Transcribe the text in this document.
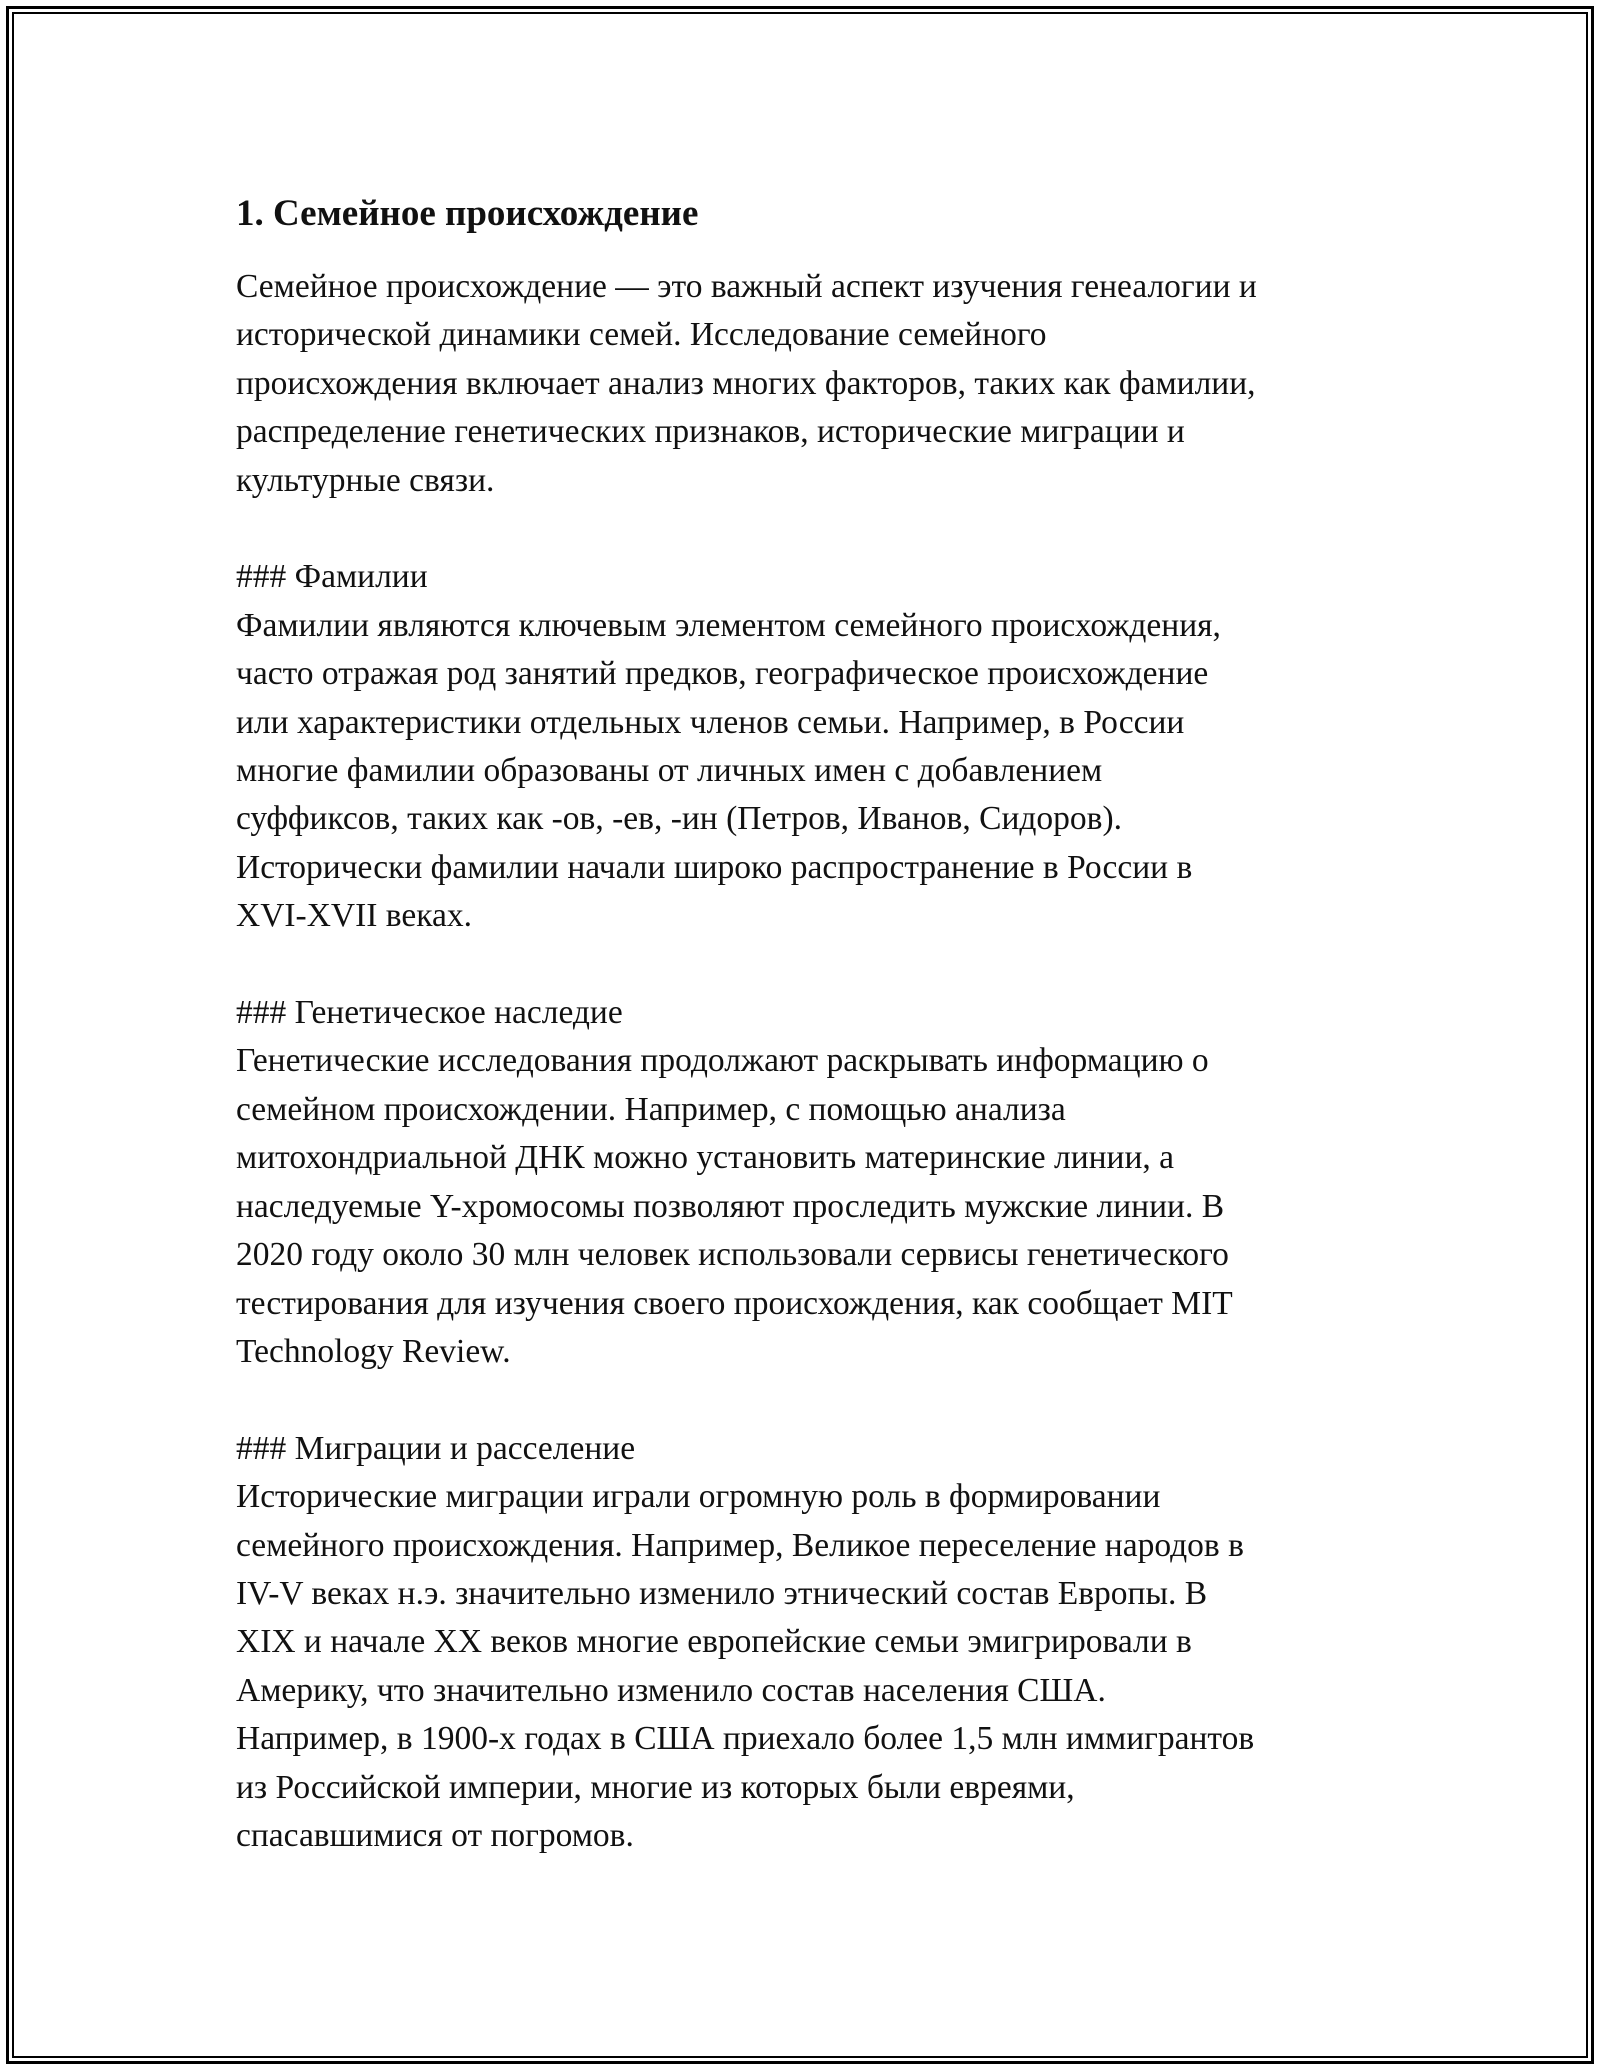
1. Семейное происхождение

Семейное происхождение — это важный аспект изучения генеалогии и
исторической динамики семей. Исследование семейного
происхождения включает анализ многих факторов, таких как фамилии,
распределение генетических признаков, исторические миграции и
культурные связи.

### Фамилии

Фамилии являются ключевым элементом семейного происхождения,
часто отражая род занятий предков, географическое происхождение
или характеристики отдельных членов семьи. Например, в России
многие фамилии образованы от личных имен с добавлением
суффиксов, таких как -ов, -ев, -ин (Петров, Иванов, Сидоров).
Исторически фамилии начали широко распространение в России в
XVI-XVII веках.

### Генетическое наследие

Генетические исследования продолжают раскрывать информацию о
семейном происхождении. Например, с помощью анализа
митохондриальной ДНК можно установить материнские линии, а
наследуемые Y-хромосомы позволяют проследить мужские линии. В
2020 году около 30 млн человек использовали сервисы генетического
тестирования для изучения своего происхождения, как сообщает MIT
Technology Review.

### Миграции и расселение

Исторические миграции играли огромную роль в формировании
семейного происхождения. Например, Великое переселение народов в
IV-V веках н.э. значительно изменило этнический состав Европы. В
XIX и начале XX веков многие европейские семьи эмигрировали в
Америку, что значительно изменило состав населения США.
Например, в 1900-х годах в США приехало более 1,5 млн иммигрантов
из Российской империи, многие из которых были евреями,
спасавшимися от погромов.
